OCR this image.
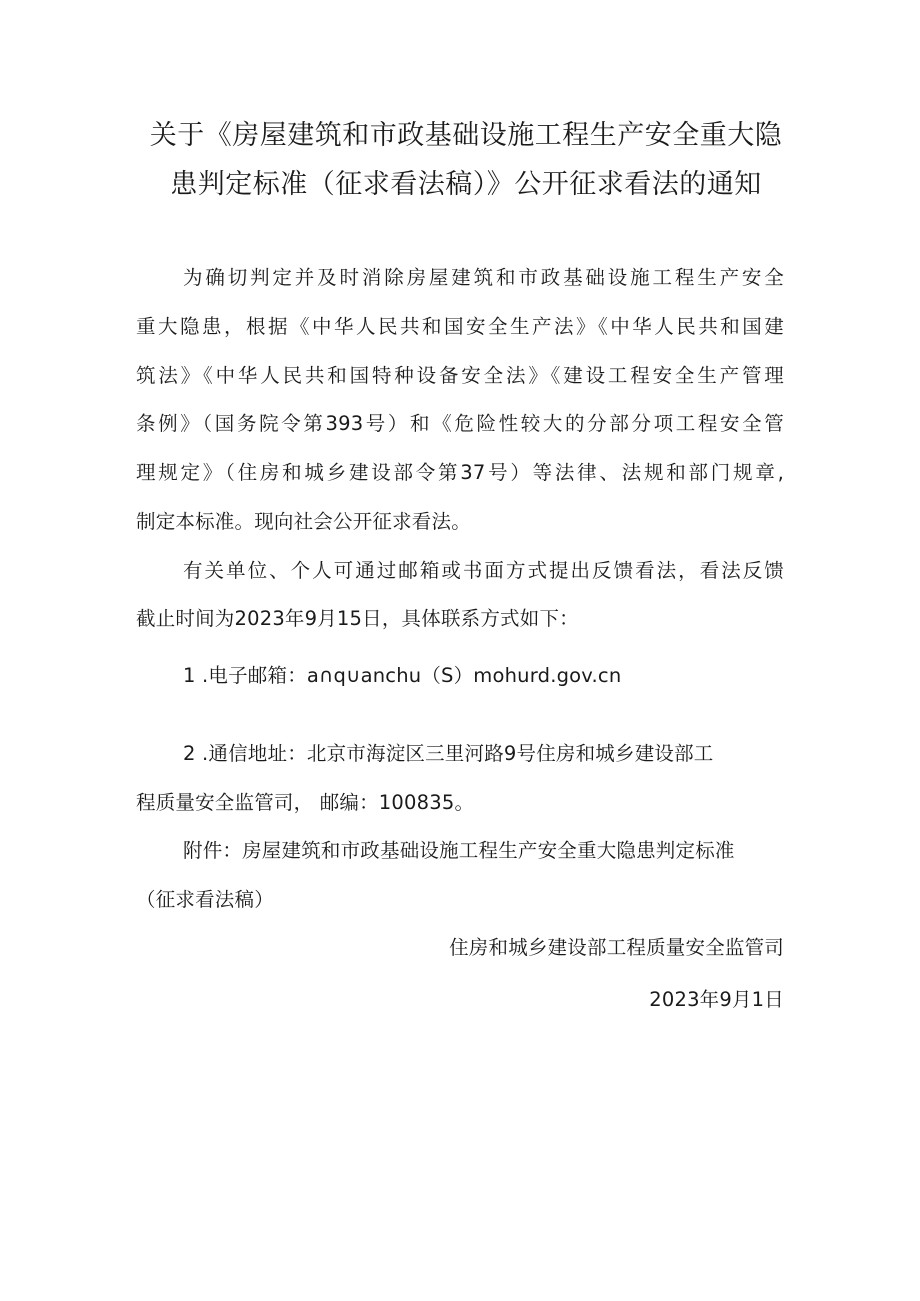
关于《房屋建筑和市政基础设施工程生产安全重大隐
患判定标准（征求看法稿）》公开征求看法的通知
为确切判定并及时消除房屋建筑和市政基础设施工程生产安全
重大隐患，根据《中华人民共和国安全生产法》《中华人民共和国建
筑法》《中华人民共和国特种设备安全法》《建设工程安全生产管理
条例》（国务院令第393号）和《危险性较大的分部分项工程安全管
理规定》（住房和城乡建设部令第37号）等法律、法规和部门规章,
制定本标准。现向社会公开征求看法。
有关单位、个人可通过邮箱或书面方式提出反馈看法，看法反馈
截止时间为2023年9月15日，具体联系方式如下：
1 .电子邮箱：a∩q∪anchu（S）mohurd.gov.cn
2 .通信地址：北京市海淀区三里河路9号住房和城乡建设部工
程质量安全监管司， 邮编：100835。
附件：房屋建筑和市政基础设施工程生产安全重大隐患判定标准
（征求看法稿）
住房和城乡建设部工程质量安全监管司
2023年9月1日
